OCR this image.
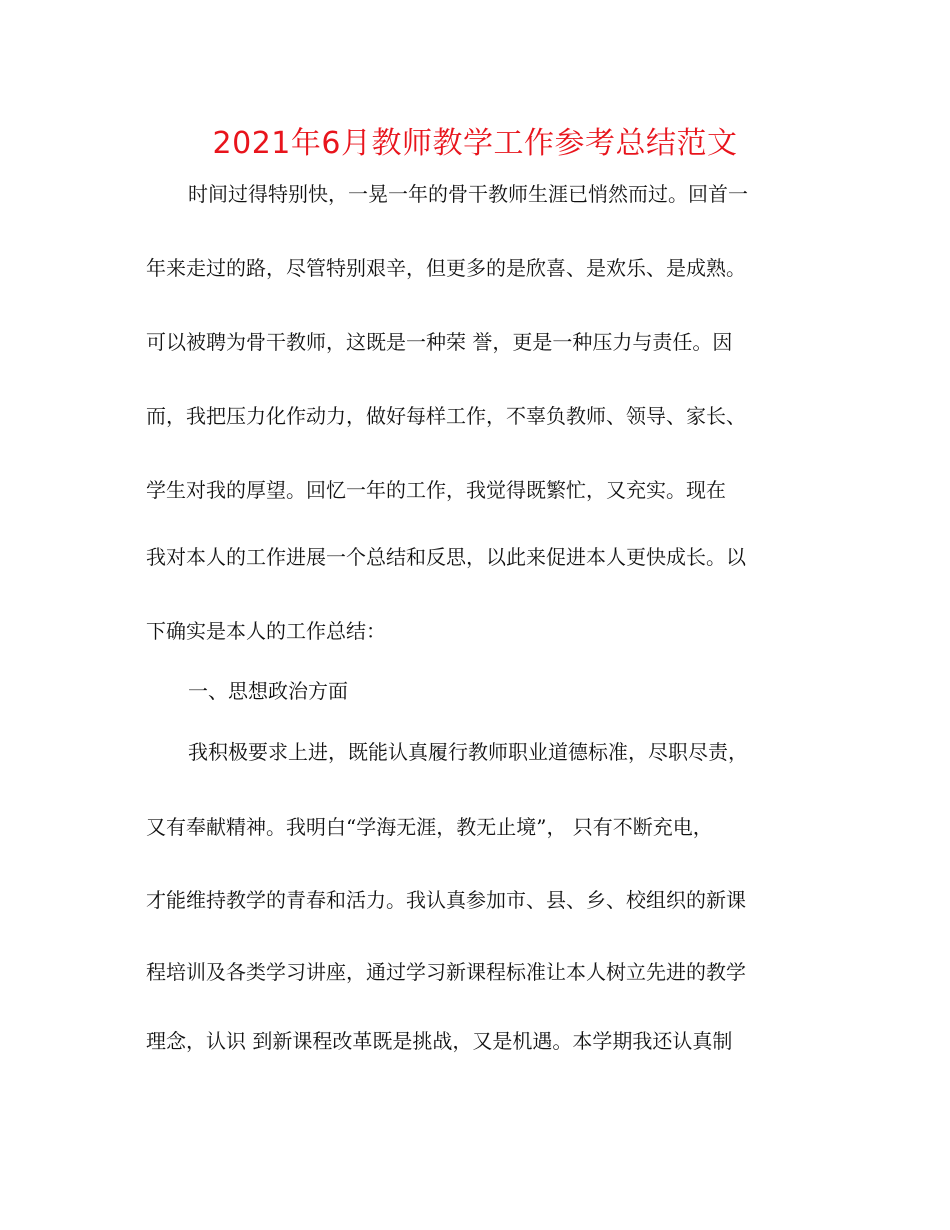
2021年6月教师教学工作参考总结范文
时间过得特别快，一晃一年的骨干教师生涯已悄然而过。回首一
年来走过的路，尽管特别艰辛，但更多的是欣喜、是欢乐、是成熟。
可以被聘为骨干教师，这既是一种荣 誉，更是一种压力与责任。因
而，我把压力化作动力，做好每样工作，不辜负教师、领导、家长、
学生对我的厚望。回忆一年的工作，我觉得既繁忙，又充实。现在
我对本人的工作进展一个总结和反思，以此来促进本人更快成长。以
下确实是本人的工作总结：
一、思想政治方面
我积极要求上进，既能认真履行教师职业道德标准，尽职尽责，
又有奉献精神。我明白“学海无涯，教无止境”， 只有不断充电，
才能维持教学的青春和活力。我认真参加市、县、乡、校组织的新课
程培训及各类学习讲座，通过学习新课程标准让本人树立先进的教学
理念，认识 到新课程改革既是挑战，又是机遇。本学期我还认真制
